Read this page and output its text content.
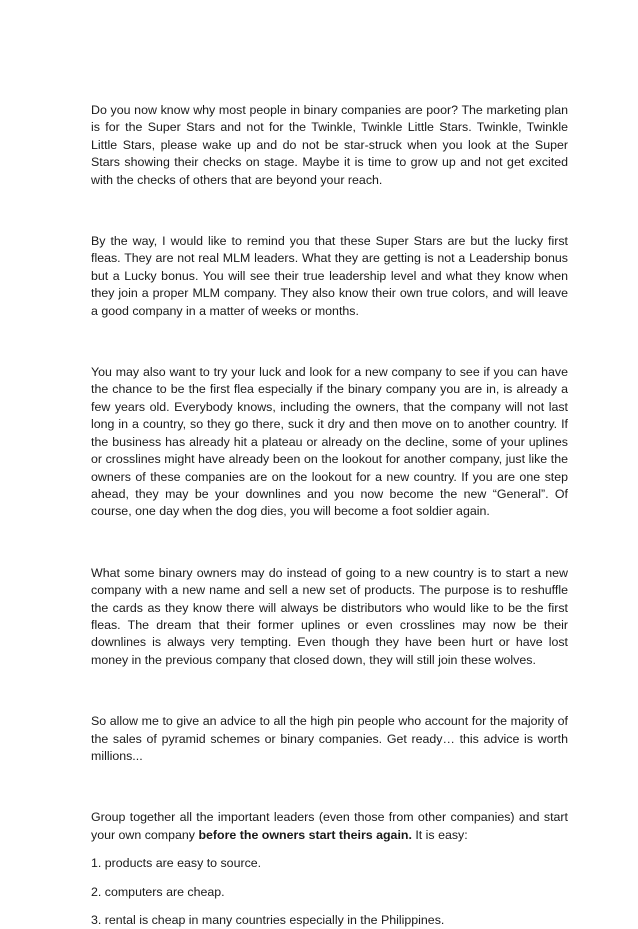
Do you now know why most people in binary companies are poor? The marketing plan is for the Super Stars and not for the Twinkle, Twinkle Little Stars. Twinkle, Twinkle Little Stars, please wake up and do not be star-struck when you look at the Super Stars showing their checks on stage. Maybe it is time to grow up and not get excited with the checks of others that are beyond your reach.

By the way, I would like to remind you that these Super Stars are but the lucky first fleas. They are not real MLM leaders. What they are getting is not a Leadership bonus but a Lucky bonus. You will see their true leadership level and what they know when they join a proper MLM company. They also know their own true colors, and will leave a good company in a matter of weeks or months.

You may also want to try your luck and look for a new company to see if you can have the chance to be the first flea especially if the binary company you are in, is already a few years old. Everybody knows, including the owners, that the company will not last long in a country, so they go there, suck it dry and then move on to another country. If the business has already hit a plateau or already on the decline, some of your uplines or crosslines might have already been on the lookout for another company, just like the owners of these companies are on the lookout for a new country. If you are one step ahead, they may be your downlines and you now become the new “General”. Of course, one day when the dog dies, you will become a foot soldier again.

What some binary owners may do instead of going to a new country is to start a new company with a new name and sell a new set of products. The purpose is to reshuffle the cards as they know there will always be distributors who would like to be the first fleas. The dream that their former uplines or even crosslines may now be their downlines is always very tempting. Even though they have been hurt or have lost money in the previous company that closed down, they will still join these wolves.

So allow me to give an advice to all the high pin people who account for the majority of the sales of pyramid schemes or binary companies. Get ready… this advice is worth millions...

Group together all the important leaders (even those from other companies) and start your own company before the owners start theirs again. It is easy:

1. products are easy to source.

2. computers are cheap.

3. rental is cheap in many countries especially in the Philippines.
